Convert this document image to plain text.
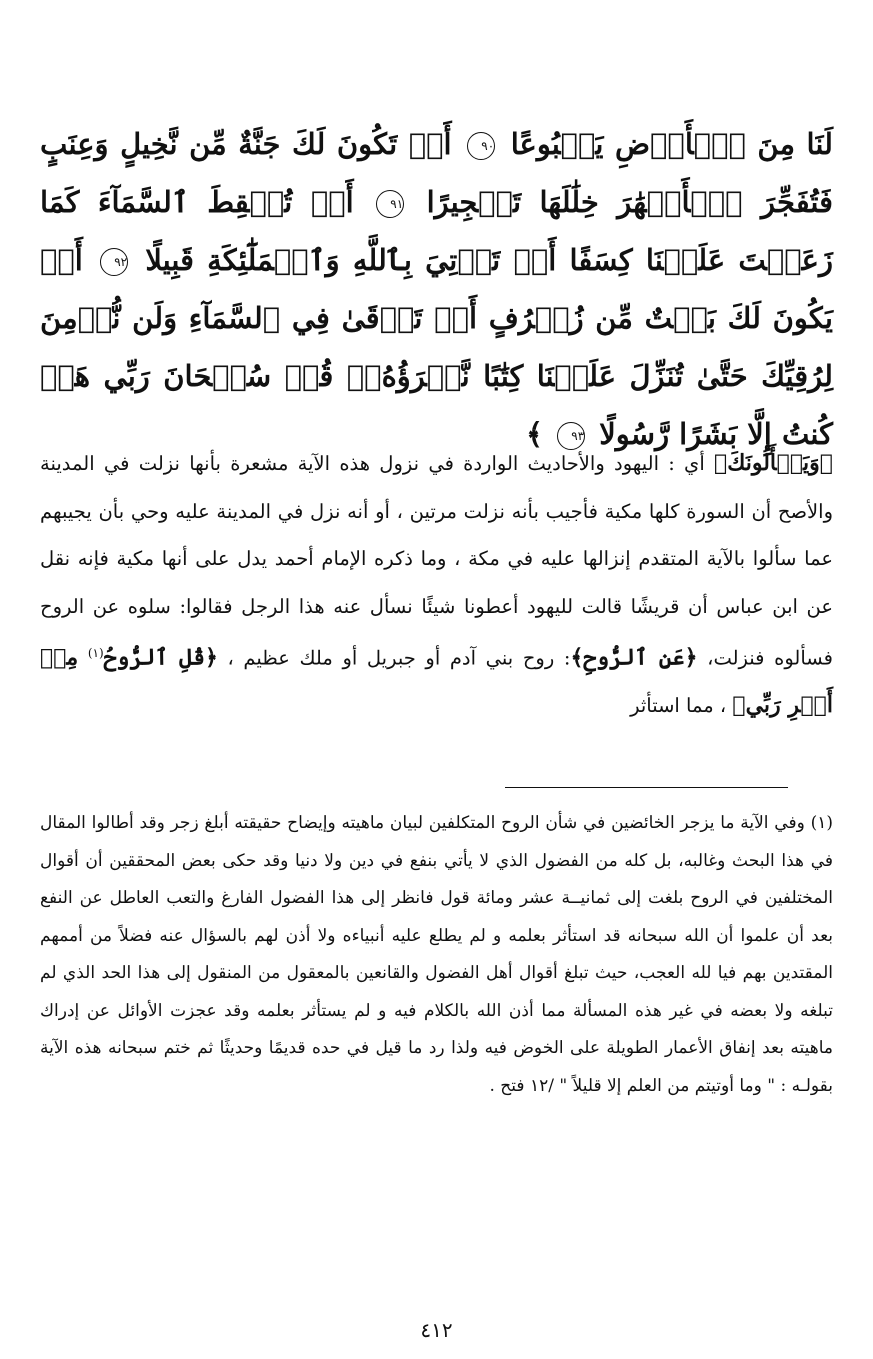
لَنَا مِنَ ٱلۡأَرۡضِ يَنۢبُوعًا ٩٠ أَوۡ تَكُونَ لَكَ جَنَّةٌ مِّن نَّخِيلٍ وَعِنَبٍ فَتُفَجِّرَ ٱلۡأَنۡهَٰرَ خِلَٰلَهَا تَفۡجِيرًا ٩١ أَوۡ تُسۡقِطَ ٱلسَّمَآءَ كَمَا زَعَمۡتَ عَلَيۡنَا كِسَفًا أَوۡ تَأۡتِيَ بِٱللَّهِ وَٱلۡمَلَٰٓئِكَةِ قَبِيلًا ٩٢ أَوۡ يَكُونَ لَكَ بَيۡتٌ مِّن زُخۡرُفٍ أَوۡ تَرۡقَىٰ فِي ٱلسَّمَآءِ وَلَن نُّؤۡمِنَ لِرُقِيِّكَ حَتَّىٰ تُنَزِّلَ عَلَيۡنَا كِتَٰبًا نَّقۡرَؤُهُۥۗ قُلۡ سُبۡحَانَ رَبِّي هَلۡ كُنتُ إِلَّا بَشَرًا رَّسُولًا ٩٣ ﴾
﴿وَيَسۡأَلُونَكَ﴾ أي : اليهود والأحاديث الواردة في نزول هذه الآية مشعرة بأنها نزلت في المدينة والأصح أن السورة كلها مكية فأجيب بأنه نزلت مرتين ، أو أنه نزل في المدينة عليه وحي بأن يجيبهم عما سألوا بالآية المتقدم إنزالها عليه في مكة ، وما ذكره الإمام أحمد يدل على أنها مكية فإنه نقل عن ابن عباس أن قريشًا قالت لليهود أعطونا شيئًا نسأل عنه هذا الرجل فقالوا: سلوه عن الروح فسألوه فنزلت، ﴿عَنِ ٱلرُّوحِ﴾: روح بني آدم أو جبريل أو ملك عظيم ، ﴿قُلِ ٱلرُّوحُ$^{(١)}$ مِنۡ أَمۡرِ رَبِّي﴾ ، مما استأثر
(١) وفي الآية ما يزجر الخائضين في شأن الروح المتكلفين لبيان ماهيته وإيضاح حقيقته أبلغ زجر وقد أطالوا المقال في هذا البحث وغالبه، بل كله من الفضول الذي لا يأتي بنفع في دين ولا دنيا وقد حكى بعض المحققين أن أقوال المختلفين في الروح بلغت إلى ثمانيــة عشر ومائة قول فانظر إلى هذا الفضول الفارغ والتعب العاطل عن النفع بعد أن علموا أن الله سبحانه قد استأثر بعلمه و لم يطلع عليه أنبياءه ولا أذن لهم بالسؤال عنه فضلاً من أممهم المقتدين بهم فيا لله العجب، حيث تبلغ أقوال أهل الفضول والقانعين بالمعقول من المنقول إلى هذا الحد الذي لم تبلغه ولا بعضه في غير هذه المسألة مما أذن الله بالكلام فيه و لم يستأثر بعلمه وقد عجزت الأوائل عن إدراك ماهيته بعد إنفاق الأعمار الطويلة على الخوض فيه ولذا رد ما قيل في حده قديمًا وحديثًا ثم ختم سبحانه هذه الآية بقولـه : " وما أوتيتم من العلم إلا قليلاً " /١٢ فتح .
٤١٢
